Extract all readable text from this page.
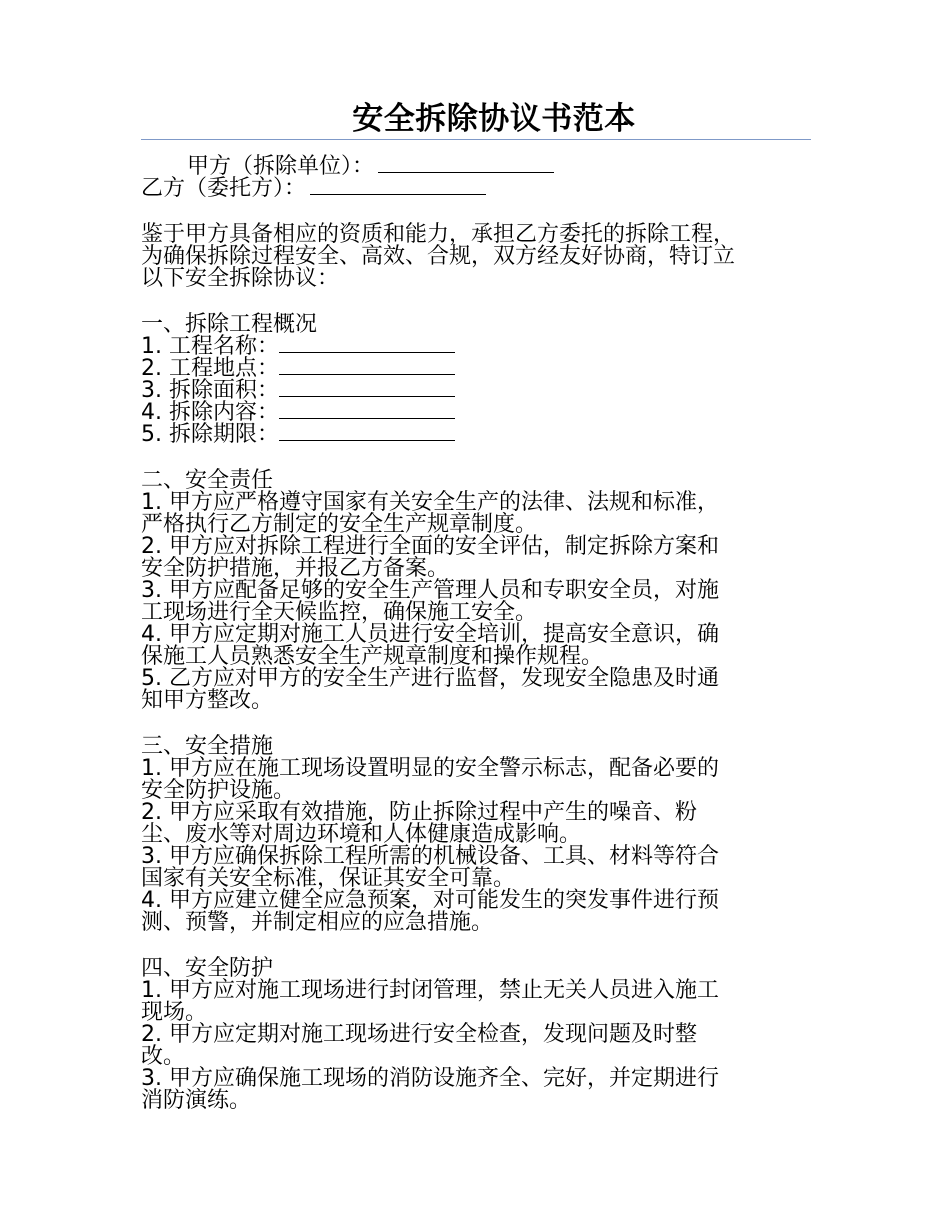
安全拆除协议书范本

甲方（拆除单位）：

乙方（委托方）：

鉴于甲方具备相应的资质和能力，承担乙方委托的拆除工程，

为确保拆除过程安全、高效、合规，双方经友好协商，特订立

以下安全拆除协议：

一、拆除工程概况

1. 工程名称：

2. 工程地点：

3. 拆除面积：

4. 拆除内容：

5. 拆除期限：

二、安全责任

1. 甲方应严格遵守国家有关安全生产的法律、法规和标准，

严格执行乙方制定的安全生产规章制度。

2. 甲方应对拆除工程进行全面的安全评估，制定拆除方案和

安全防护措施，并报乙方备案。

3. 甲方应配备足够的安全生产管理人员和专职安全员，对施

工现场进行全天候监控，确保施工安全。

4. 甲方应定期对施工人员进行安全培训，提高安全意识，确

保施工人员熟悉安全生产规章制度和操作规程。

5. 乙方应对甲方的安全生产进行监督，发现安全隐患及时通

知甲方整改。

三、安全措施

1. 甲方应在施工现场设置明显的安全警示标志，配备必要的

安全防护设施。

2. 甲方应采取有效措施，防止拆除过程中产生的噪音、粉

尘、废水等对周边环境和人体健康造成影响。

3. 甲方应确保拆除工程所需的机械设备、工具、材料等符合

国家有关安全标准，保证其安全可靠。

4. 甲方应建立健全应急预案，对可能发生的突发事件进行预

测、预警，并制定相应的应急措施。

四、安全防护

1. 甲方应对施工现场进行封闭管理，禁止无关人员进入施工

现场。

2. 甲方应定期对施工现场进行安全检查，发现问题及时整

改。

3. 甲方应确保施工现场的消防设施齐全、完好，并定期进行

消防演练。
